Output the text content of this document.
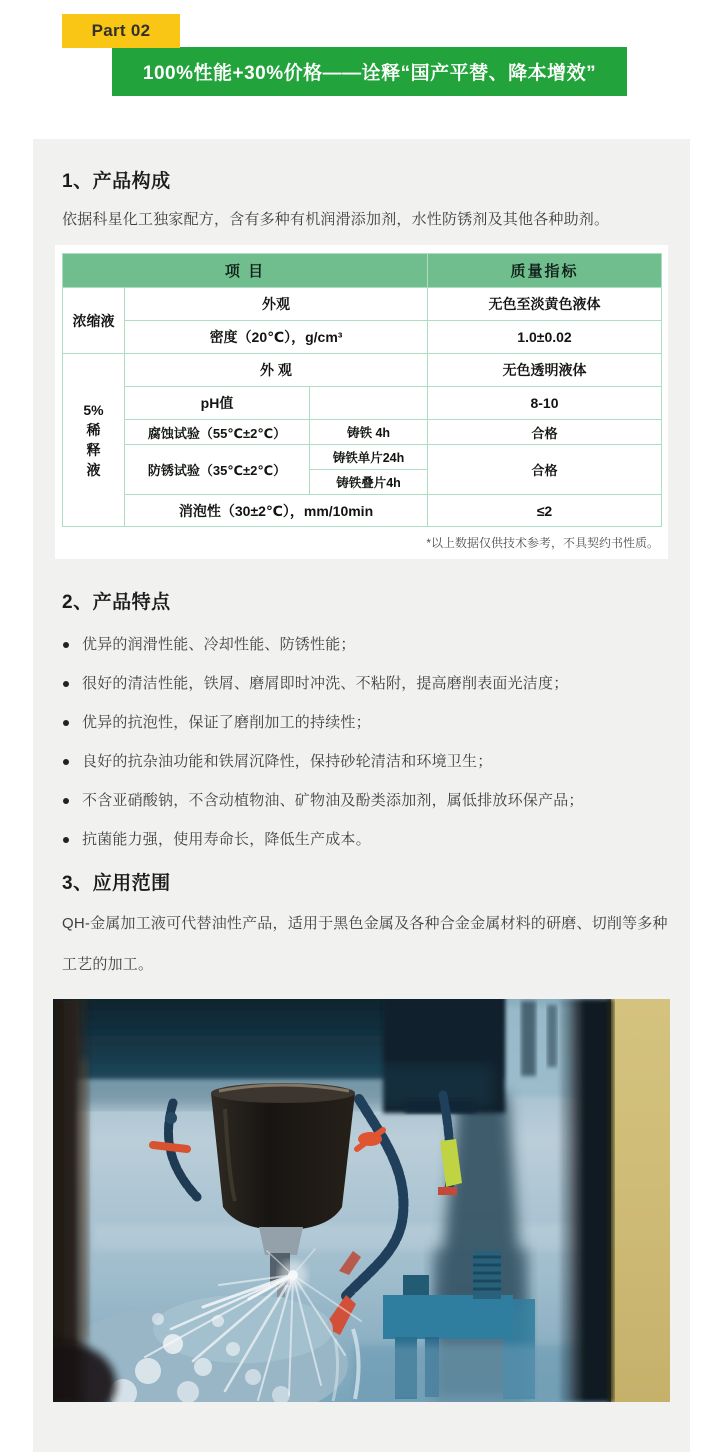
Part 02
100%性能+30%价格——诠释“国产平替、降本增效”
1、产品构成
依据科星化工独家配方，含有多种有机润滑添加剂，水性防锈剂及其他各种助剂。
项 目			质量指标
浓缩液	外观		无色至淡黄色液体
	密度（20℃），g/cm³		1.0±0.02

5%
稀
释
液	外 观		无色透明液体
	pH值		8-10
	腐蚀试验（55℃±2℃）	铸铁 4h	合格
	防锈试验（35℃±2℃）	铸铁单片24h	合格
		铸铁叠片4h	
	消泡性（30±2℃），mm/10min		≤2
*以上数据仅供技术参考，不具契约书性质。
2、产品特点
优异的润滑性能、冷却性能、防锈性能；
很好的清洁性能，铁屑、磨屑即时冲洗、不粘附，提高磨削表面光洁度；
优异的抗泡性，保证了磨削加工的持续性；
良好的抗杂油功能和铁屑沉降性，保持砂轮清洁和环境卫生；
不含亚硝酸钠，不含动植物油、矿物油及酚类添加剂，属低排放环保产品；
抗菌能力强，使用寿命长，降低生产成本。
3、应用范围
QH-金属加工液可代替油性产品，适用于黑色金属及各种合金金属材料的研磨、切削等多种工艺的加工。
